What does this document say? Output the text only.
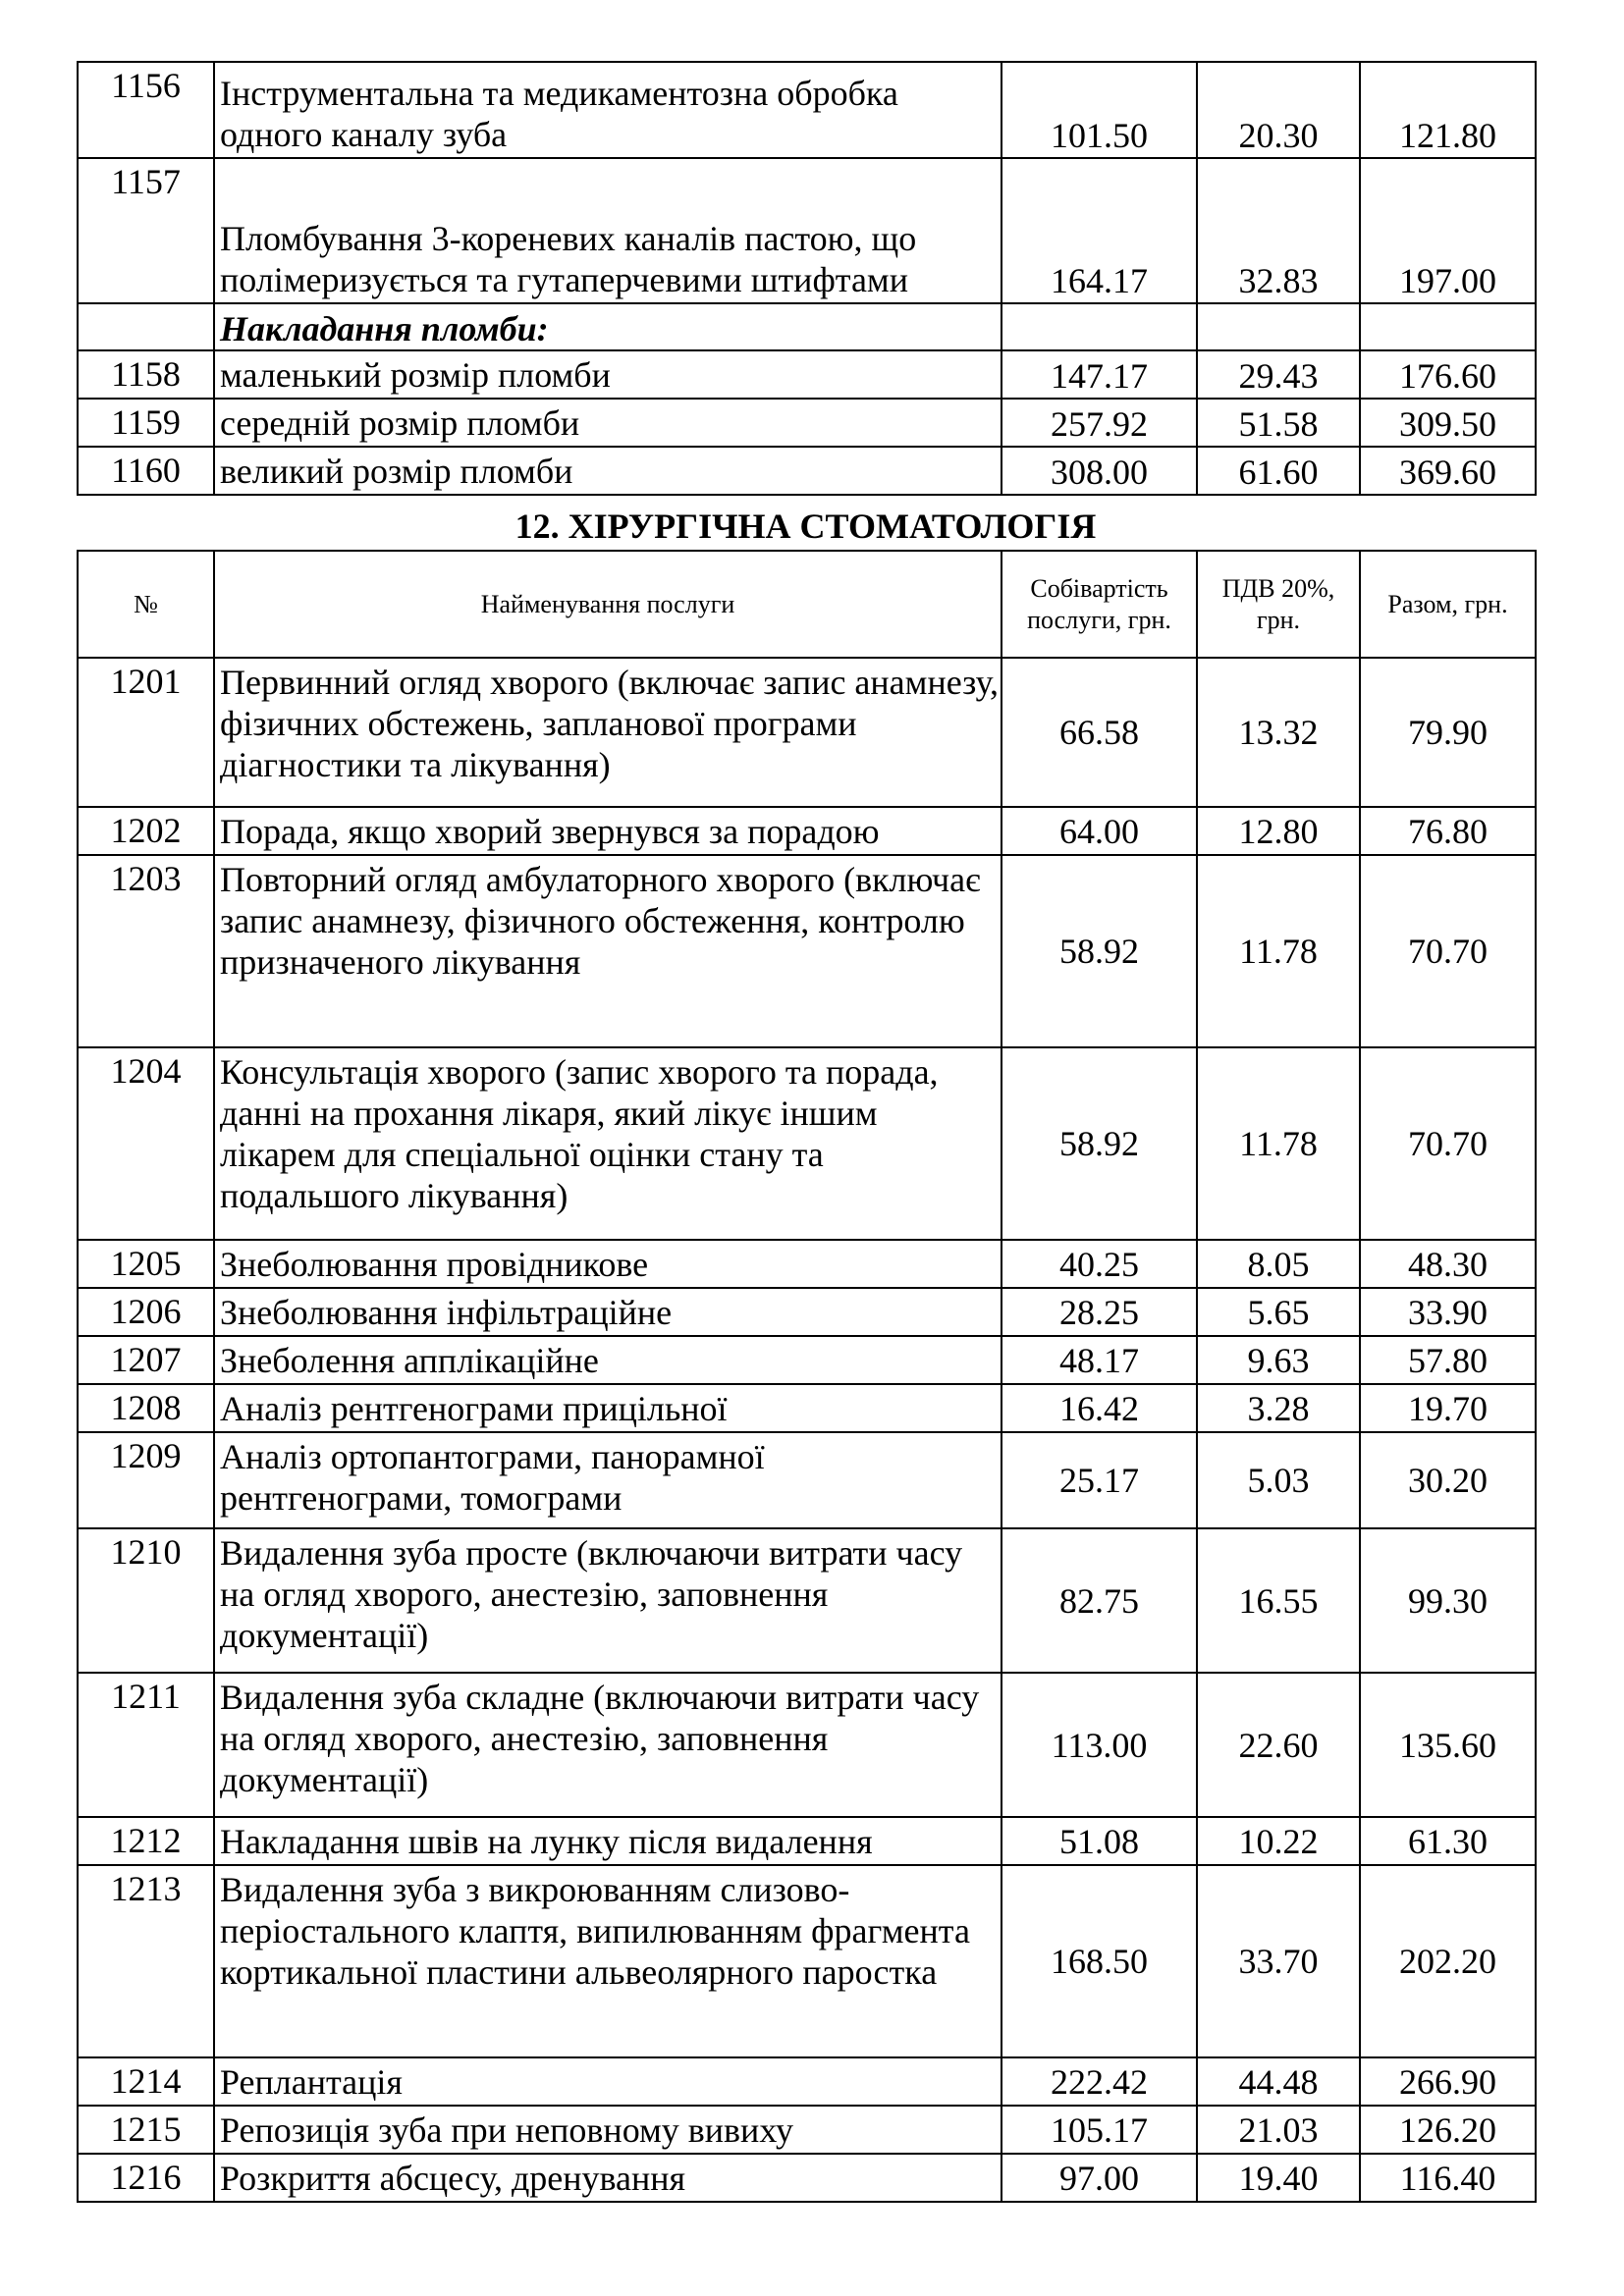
1156	Інструментальна та медикаментозна обробка одного каналу зуба	101.50	20.30	121.80
1157	Пломбування 3-кореневих каналів пастою, що полімеризується та гутаперчевими штифтами	164.17	32.83	197.00
	Накладання пломби:			
1158	маленький розмір пломби	147.17	29.43	176.60
1159	середній розмір пломби	257.92	51.58	309.50
1160	великий розмір пломби	308.00	61.60	369.60
12. ХІРУРГІЧНА СТОМАТОЛОГІЯ
№	Найменування послуги	Собівартість послуги, грн.	ПДВ 20%, грн.	Разом, грн.
1201	Первинний огляд хворого (включає запис анамнезу, фізичних обстежень, запланової програми діагностики та лікування)	66.58	13.32	79.90
1202	Порада, якщо хворий звернувся за порадою	64.00	12.80	76.80
1203	Повторний огляд амбулаторного хворого (включає запис анамнезу, фізичного обстеження, контролю призначеного лікування	58.92	11.78	70.70
1204	Консультація хворого (запис хворого та порада, данні на прохання лікаря, який лікує іншим лікарем для спеціальної оцінки стану та подальшого лікування)	58.92	11.78	70.70
1205	Знеболювання провідникове	40.25	8.05	48.30
1206	Знеболювання інфільтраційне	28.25	5.65	33.90
1207	Знеболення апплікаційне	48.17	9.63	57.80
1208	Аналіз рентгенограми прицільної	16.42	3.28	19.70
1209	Аналіз ортопантограми, панорамної рентгенограми, томограми	25.17	5.03	30.20
1210	Видалення зуба просте (включаючи витрати часу на огляд хворого, анестезію, заповнення документації)	82.75	16.55	99.30
1211	Видалення зуба складне (включаючи витрати часу на огляд хворого, анестезію, заповнення документації)	113.00	22.60	135.60
1212	Накладання швів на лунку після видалення	51.08	10.22	61.30
1213	Видалення зуба з викроюванням слизово-періостального клаптя, випилюванням фрагмента кортикальної пластини альвеолярного паростка	168.50	33.70	202.20
1214	Реплантація	222.42	44.48	266.90
1215	Репозиція зуба при неповному вивиху	105.17	21.03	126.20
1216	Розкриття абсцесу, дренування	97.00	19.40	116.40
